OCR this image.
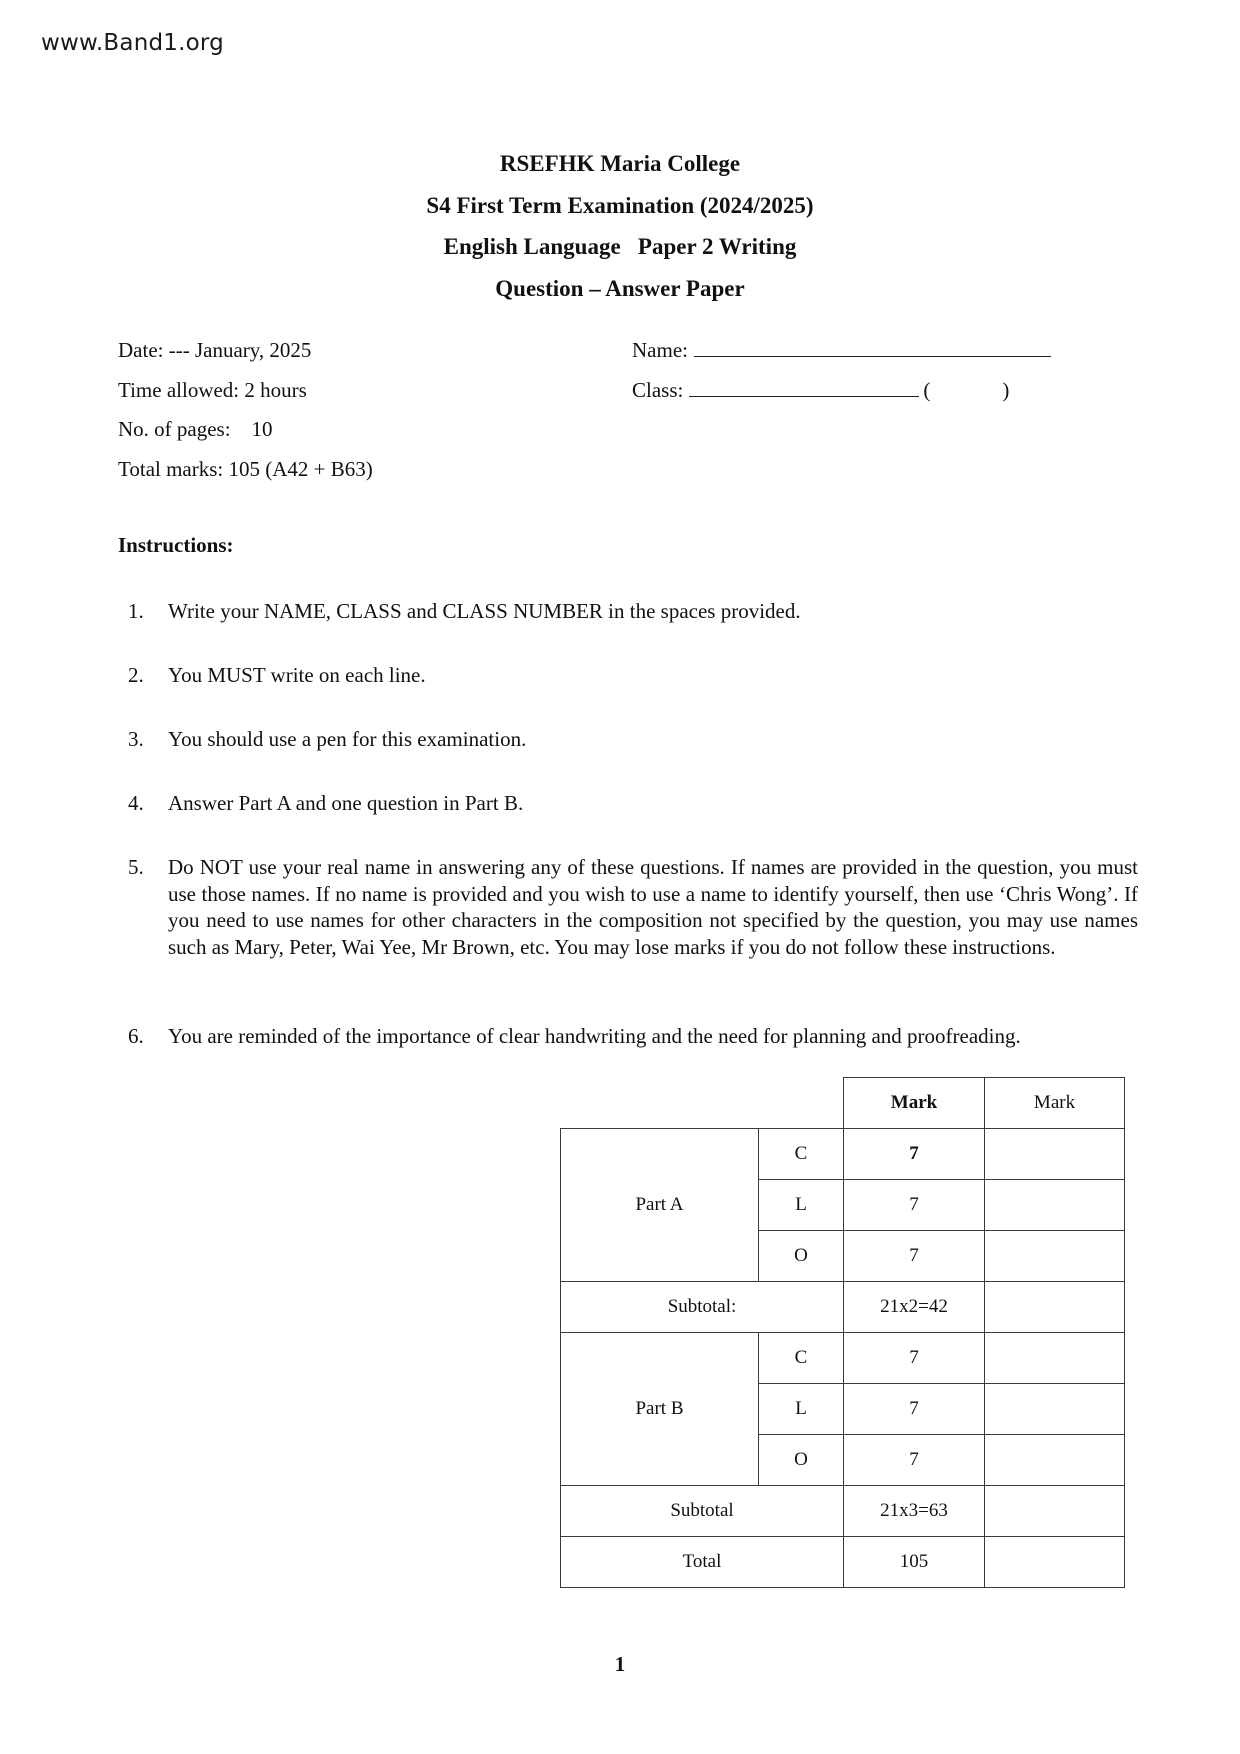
www.Band1.org
RSEFHK Maria College
S4 First Term Examination (2024/2025)
English Language   Paper 2 Writing
Question – Answer Paper
Date: --- January, 2025
Time allowed: 2 hours
No. of pages:    10
Total marks: 105 (A42 + B63)
Name:
Class:	(	)
Instructions:
1.	Write your NAME, CLASS and CLASS NUMBER in the spaces provided.
2.	You MUST write on each line.
3.	You should use a pen for this examination.
4.	Answer Part A and one question in Part B.
5.	Do NOT use your real name in answering any of these questions. If names are provided in the question, you must use those names. If no name is provided and you wish to use a name to identify yourself, then use ‘Chris Wong’. If you need to use names for other characters in the composition not specified by the question, you may use names such as Mary, Peter, Wai Yee, Mr Brown, etc. You may lose marks if you do not follow these instructions.
6.	You are reminded of the importance of clear handwriting and the need for planning and proofreading.
		Mark	Mark
Part A	C	7	
	L	7	
	O	7	
Subtotal:		21x2=42	
Part B	C	7	
	L	7	
	O	7	
Subtotal		21x3=63	
Total		105	
1
